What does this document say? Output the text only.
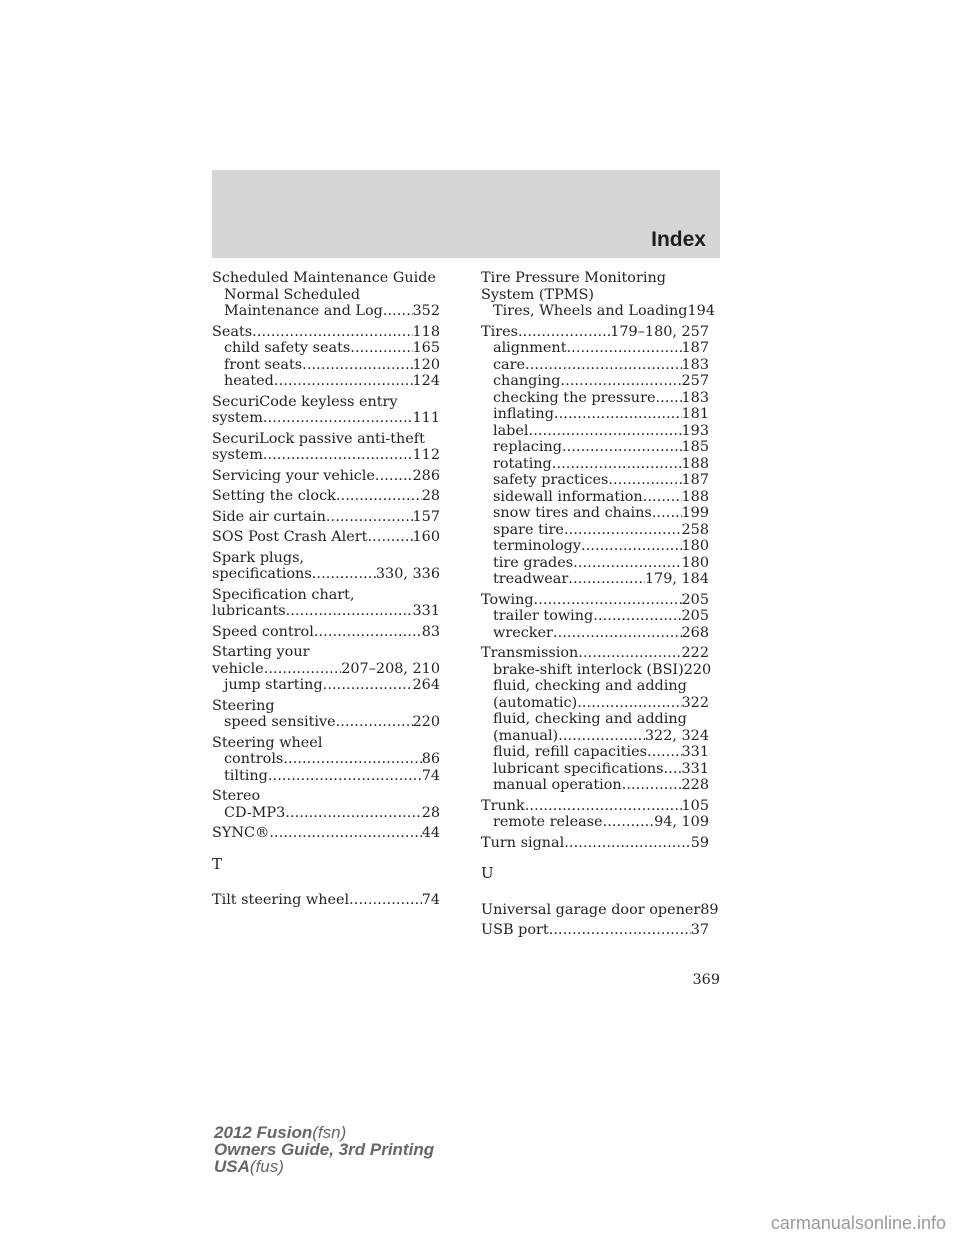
Index
Scheduled Maintenance Guide
Normal Scheduled
Maintenance and Log ..... 352
Seats .....	118
child safety seats .....	165
front seats .....	120
heated .....	124
SecuriCode keyless entry
system .....	111
SecuriLock passive anti-theft
system .....	112
Servicing your vehicle .....	286
Setting the clock .....	28
Side air curtain .....	157
SOS Post Crash Alert .....	160
Spark plugs,
specifications .....	330, 336
Specification chart,
lubricants .....	331
Speed control .....	83
Starting your
vehicle .....	207–208, 210
jump starting .....	264
Steering
speed sensitive .....	220
Steering wheel
controls .....	86
tilting .....	74
Stereo
CD-MP3 .....	28
SYNC® .....	44
T
Tilt steering wheel .....	74
Tire Pressure Monitoring
System (TPMS)
Tires, Wheels and Loading 194
Tires .....	179–180, 257
alignment .....	187
care .....	183
changing .....	257
checking the pressure ..... 183
inflating .....	181
label .....	193
replacing .....	185
rotating .....	188
safety practices .....	187
sidewall information .....	188
snow tires and chains ..... 199
spare tire .....	258
terminology .....	180
tire grades .....	180
treadwear .....	179, 184
Towing .....	205
trailer towing .....	205
wrecker .....	268
Transmission .....	222
brake-shift interlock (BSI) 220
fluid, checking and adding
(automatic) .....	322
fluid, checking and adding
(manual) .....	322, 324
fluid, refill capacities ..... 331
lubricant specifications ..... 331
manual operation .....	228
Trunk .....	105
remote release .....	94, 109
Turn signal .....	59
U
Universal garage door opener 89
USB port .....	37
369
2012 Fusion(fsn)
Owners Guide, 3rd Printing
USA(fus)
carmanualsonline.info
